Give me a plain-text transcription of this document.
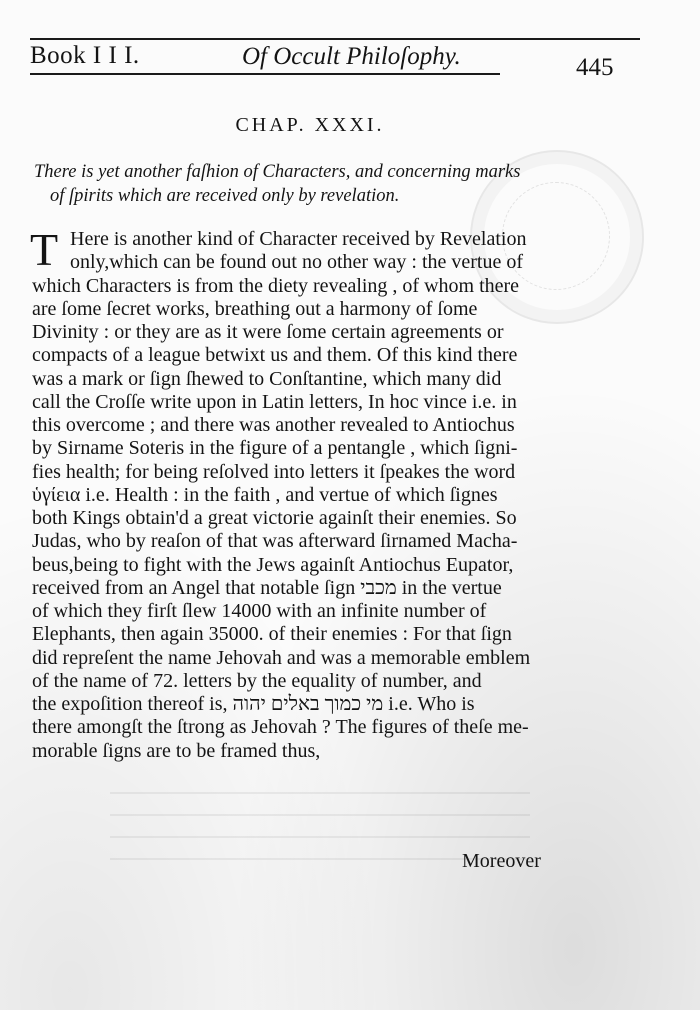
Book I I I.	Of Occult Philoſophy.	445
CHAP. XXXI.
There is yet another faſhion of Characters, and concerning marks
of ſpirits which are received only by revelation.
T Here is another kind of Character received by Revelation
only,which can be found out no other way : the vertue of
which Characters is from the diety revealing , of whom there
are ſome ſecret works, breathing out a harmony of ſome
Divinity : or they are as it were ſome certain agreements or
compacts of a league betwixt us and them. Of this kind there
was a mark or ſign ſhewed to Conſtantine, which many did
call the Croſſe write upon in Latin letters, In hoc vince i.e. in
this overcome ; and there was another revealed to Antiochus
by Sirname Soteris in the figure of a pentangle , which ſigni-
fies health; for being reſolved into letters it ſpeakes the word
ὑγίεια i.e. Health : in the faith , and vertue of which ſignes
both Kings obtain'd a great victorie againſt their enemies. So
Judas, who by reaſon of that was afterward ſirnamed Macha-
beus,being to fight with the Jews againſt Antiochus Eupator,
received from an Angel that notable ſign מכבי in the vertue
of which they firſt ſlew 14000 with an infinite number of
Elephants, then again 35000. of their enemies : For that ſign
did repreſent the name Jehovah and was a memorable emblem
of the name of 72. letters by the equality of number, and
the expoſition thereof is, מי כמוך באלים יהוה i.e. Who is
there amongſt the ſtrong as Jehovah ? The figures of theſe me-
morable ſigns are to be framed thus,
Moreover
